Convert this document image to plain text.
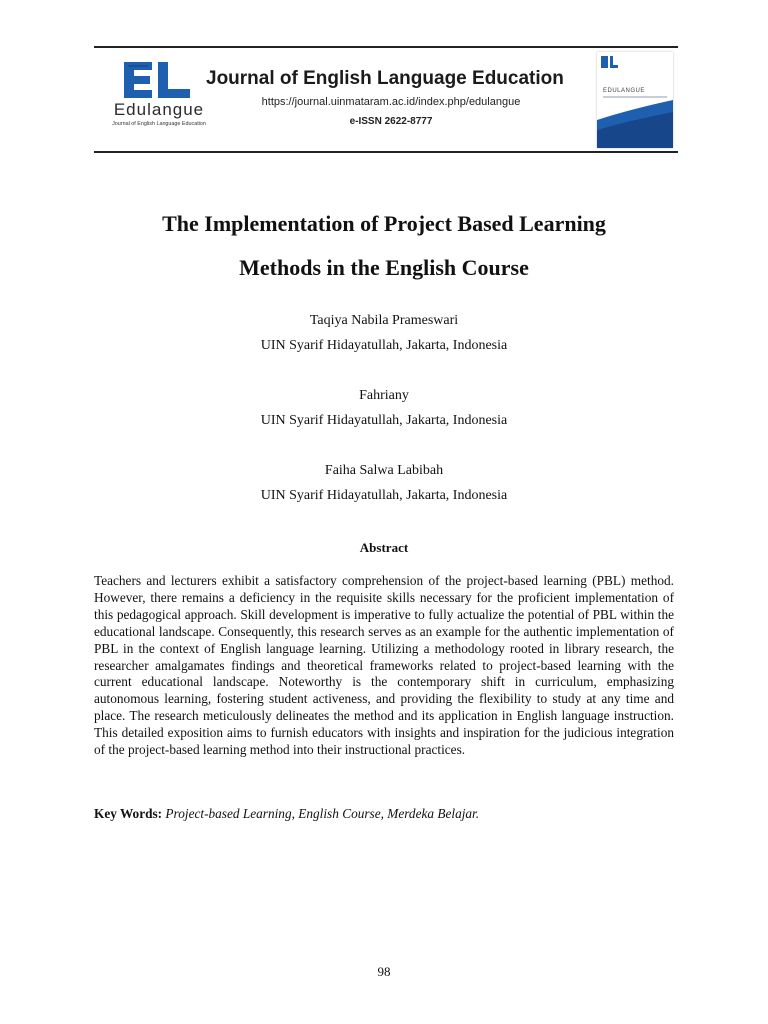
Edulangue
Journal of English Language Education
Journal of English Language Education
https://journal.uinmataram.ac.id/index.php/edulangue
e-ISSN 2622-8777
EDULANGUE
The Implementation of Project Based Learning
Methods in the English Course
Taqiya Nabila Prameswari
UIN Syarif Hidayatullah, Jakarta, Indonesia
Fahriany
UIN Syarif Hidayatullah, Jakarta, Indonesia
Faiha Salwa Labibah
UIN Syarif Hidayatullah, Jakarta, Indonesia
Abstract

Teachers and lecturers exhibit a satisfactory comprehension of the project-based learning (PBL) method. However, there remains a deficiency in the requisite skills necessary for the proficient implementation of this pedagogical approach. Skill development is imperative to fully actualize the potential of PBL within the educational landscape. Consequently, this research serves as an example for the authentic implementation of PBL in the context of English language learning. Utilizing a methodology rooted in library research, the researcher amalgamates findings and theoretical frameworks related to project-based learning with the current educational landscape. Noteworthy is the contemporary shift in curriculum, emphasizing autonomous learning, fostering student activeness, and providing the flexibility to study at any time and place. The research meticulously delineates the method and its application in English language instruction. This detailed exposition aims to furnish educators with insights and inspiration for the judicious integration of the project-based learning method into their instructional practices.

Key Words: Project-based Learning, English Course, Merdeka Belajar.
98
